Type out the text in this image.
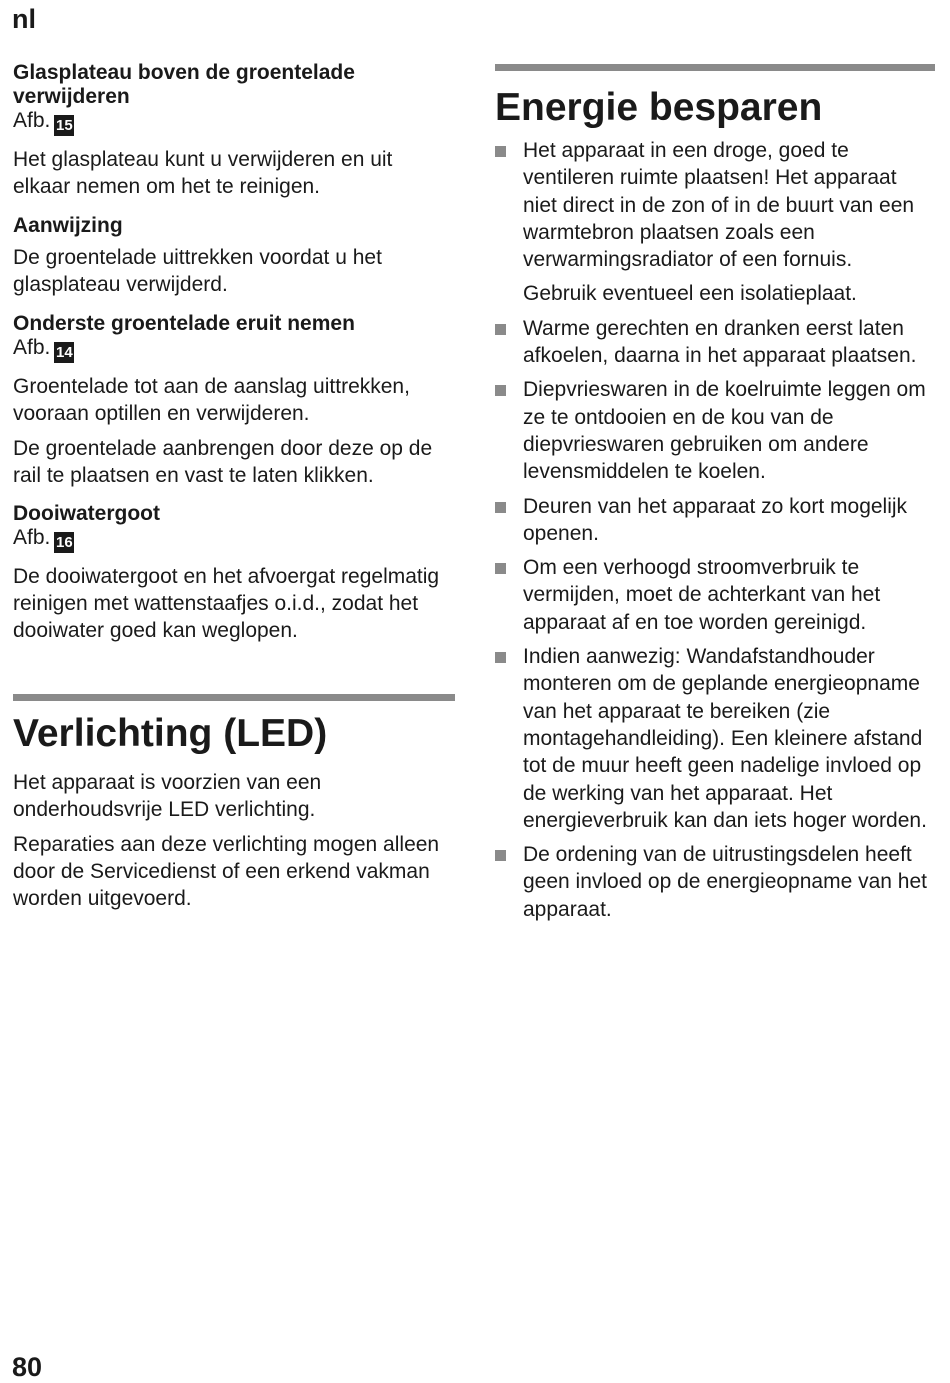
nl

Glasplateau boven de groentelade verwijderen

Afb. 15

Het glasplateau kunt u verwijderen en uit elkaar nemen om het te reinigen.

Aanwijzing

De groentelade uittrekken voordat u het glasplateau verwijderd.

Onderste groentelade eruit nemen

Afb. 14

Groentelade tot aan de aanslag uittrekken, vooraan optillen en verwijderen.

De groentelade aanbrengen door deze op de rail te plaatsen en vast te laten klikken.

Dooiwatergoot

Afb. 16

De dooiwatergoot en het afvoergat regelmatig reinigen met wattenstaafjes o.i.d., zodat het dooiwater goed kan weglopen.

Verlichting (LED)

Het apparaat is voorzien van een onderhoudsvrije LED verlichting.

Reparaties aan deze verlichting mogen alleen door de Servicedienst of een erkend vakman worden uitgevoerd.

Energie besparen
Het apparaat in een droge, goed te ventileren ruimte plaatsen! Het apparaat niet direct in de zon of in de buurt van een warmtebron plaatsen zoals een verwarmingsradiator of een fornuis.
Gebruik eventueel een isolatieplaat.
Warme gerechten en dranken eerst laten afkoelen, daarna in het apparaat plaatsen.
Diepvrieswaren in de koelruimte leggen om ze te ontdooien en de kou van de diepvrieswaren gebruiken om andere levensmiddelen te koelen.
Deuren van het apparaat zo kort mogelijk openen.
Om een verhoogd stroomverbruik te vermijden, moet de achterkant van het apparaat af en toe worden gereinigd.
Indien aanwezig: Wandafstandhouder monteren om de geplande energieopname van het apparaat te bereiken (zie montagehandleiding). Een kleinere afstand tot de muur heeft geen nadelige invloed op de werking van het apparaat. Het energieverbruik kan dan iets hoger worden.
De ordening van de uitrustingsdelen heeft geen invloed op de energieopname van het apparaat.
80
